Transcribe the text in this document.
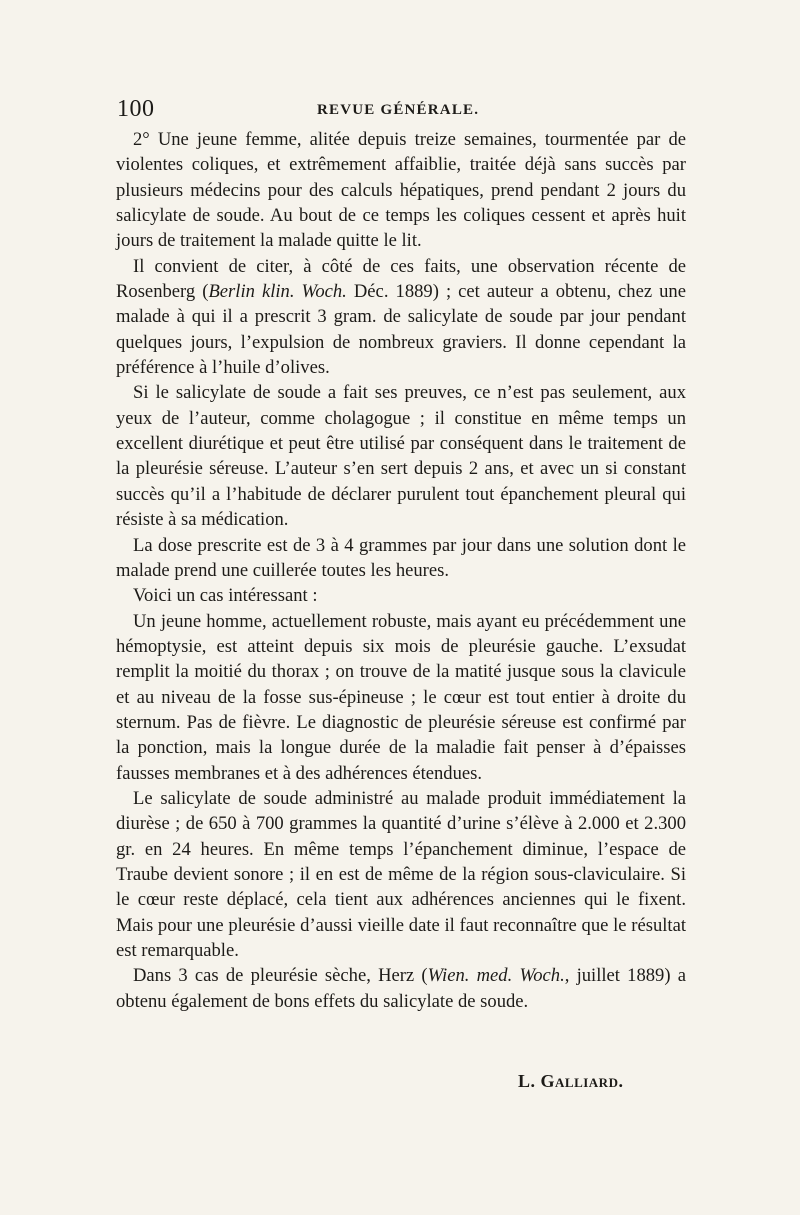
100	REVUE GÉNÉRALE.

2° Une jeune femme, alitée depuis treize semaines, tourmentée par de violentes coliques, et extrêmement affaiblie, traitée déjà sans succès par plusieurs médecins pour des calculs hépatiques, prend pendant 2 jours du salicylate de soude. Au bout de ce temps les coliques cessent et après huit jours de traitement la malade quitte le lit.

Il convient de citer, à côté de ces faits, une observation récente de Rosenberg (Berlin klin. Woch. Déc. 1889) ; cet auteur a obtenu, chez une malade à qui il a prescrit 3 gram. de salicylate de soude par jour pendant quelques jours, l’expulsion de nombreux graviers. Il donne cependant la préférence à l’huile d’olives.

Si le salicylate de soude a fait ses preuves, ce n’est pas seulement, aux yeux de l’auteur, comme cholagogue ; il constitue en même temps un excellent diurétique et peut être utilisé par conséquent dans le traitement de la pleurésie séreuse. L’auteur s’en sert depuis 2 ans, et avec un si constant succès qu’il a l’habitude de déclarer purulent tout épanchement pleural qui résiste à sa médication.

La dose prescrite est de 3 à 4 grammes par jour dans une solution dont le malade prend une cuillerée toutes les heures.

Voici un cas intéressant :

Un jeune homme, actuellement robuste, mais ayant eu précédemment une hémoptysie, est atteint depuis six mois de pleurésie gauche. L’exsudat remplit la moitié du thorax ; on trouve de la matité jusque sous la clavicule et au niveau de la fosse sus-épineuse ; le cœur est tout entier à droite du sternum. Pas de fièvre. Le diagnostic de pleurésie séreuse est confirmé par la ponction, mais la longue durée de la maladie fait penser à d’épaisses fausses membranes et à des adhérences étendues.

Le salicylate de soude administré au malade produit immédiatement la diurèse ; de 650 à 700 grammes la quantité d’urine s’élève à 2.000 et 2.300 gr. en 24 heures. En même temps l’épanchement diminue, l’espace de Traube devient sonore ; il en est de même de la région sous-claviculaire. Si le cœur reste déplacé, cela tient aux adhérences anciennes qui le fixent. Mais pour une pleurésie d’aussi vieille date il faut reconnaître que le résultat est remarquable.

Dans 3 cas de pleurésie sèche, Herz (Wien. med. Woch., juillet 1889) a obtenu également de bons effets du salicylate de soude.

L. Galliard.
